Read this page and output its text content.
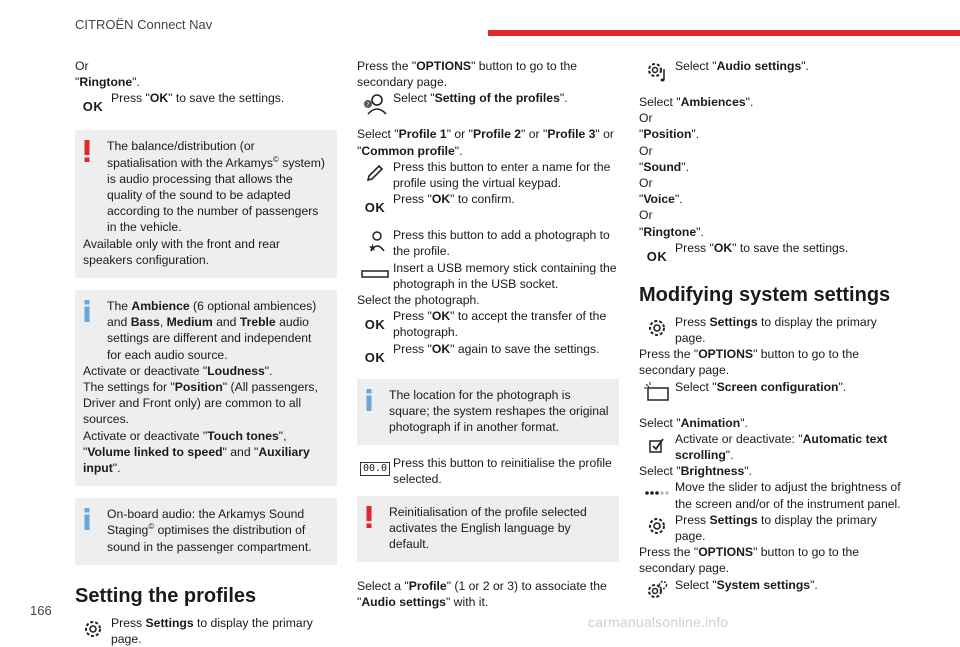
CITROËN Connect Nav

Or

"Ringtone".

OK

Press "OK" to save the settings.

The balance/distribution (or spatialisation with the Arkamys© system) is audio processing that allows the quality of the sound to be adapted according to the number of passengers in the vehicle.

Available only with the front and rear speakers configuration.

The Ambience (6 optional ambiences) and Bass, Medium and Treble audio settings are different and independent for each audio source.

Activate or deactivate "Loudness".

The settings for "Position" (All passengers, Driver and Front only) are common to all sources.

Activate or deactivate "Touch tones", "Volume linked to speed" and "Auxiliary input".

On-board audio: the Arkamys Sound Staging© optimises the distribution of sound in the passenger compartment.

Setting the profiles

Press Settings to display the primary page.

Press the "OPTIONS" button to go to the secondary page.

? Select "Setting of the profiles".

Select "Profile 1" or "Profile 2" or "Profile 3" or "Common profile".

Press this button to enter a name for the profile using the virtual keypad.

OK

Press "OK" to confirm.

★

Press this button to add a photograph to the profile.

Insert a USB memory stick containing the photograph in the USB socket.

Select the photograph.

OK

Press "OK" to accept the transfer of the photograph.

OK

Press "OK" again to save the settings.

The location for the photograph is square; the system reshapes the original photograph if in another format.

00.0 Press this button to reinitialise the profile selected.

Reinitialisation of the profile selected activates the English language by default.

Select a "Profile" (1 or 2 or 3) to associate the "Audio settings" with it.

Select "Audio settings".

Select "Ambiences".

Or

"Position".

Or

"Sound".

Or

"Voice".

Or

"Ringtone".

OK

Press "OK" to save the settings.

Modifying system settings

Press Settings to display the primary page.

Press the "OPTIONS" button to go to the secondary page.

Select "Screen configuration".

Select "Animation".

Activate or deactivate: "Automatic text scrolling".

Select "Brightness".

Move the slider to adjust the brightness of the screen and/or of the instrument panel.

Press Settings to display the primary page.

Press the "OPTIONS" button to go to the secondary page.

Select "System settings".

166
carmanualsonline.info
